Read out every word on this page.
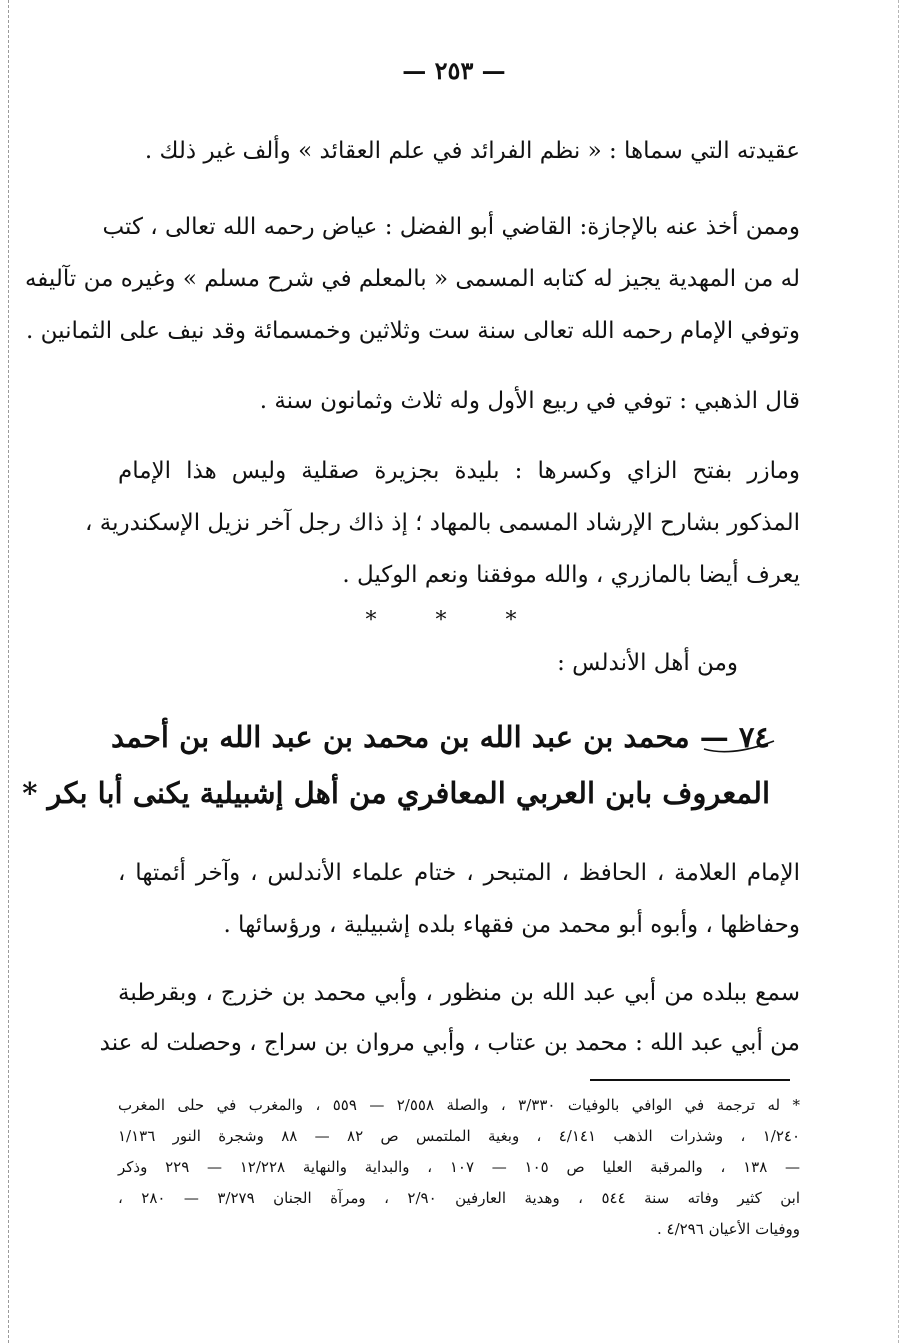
— ٢٥٣ —
عقيدته التي سماها : « نظم الفرائد في علم العقائد » وألف غير ذلك .
وممن أخذ عنه بالإجازة: القاضي أبو الفضل : عياض رحمه الله تعالى ، كتب
له من المهدية يجيز له كتابه المسمى « بالمعلم في شرح مسلم » وغيره من تآليفه
وتوفي الإمام رحمه الله تعالى سنة ست وثلاثين وخمسمائة وقد نيف على الثمانين .
قال الذهبي : توفي في ربيع الأول وله ثلاث وثمانون سنة .
ومازر بفتح الزاي وكسرها : بليدة بجزيرة صقلية وليس هذا الإمام
المذكور بشارح الإرشاد المسمى بالمهاد ؛ إذ ذاك رجل آخر نزيل الإسكندرية ،
يعرف أيضا بالمازري ، والله موفقنا ونعم الوكيل .
* * *
ومن أهل الأندلس :
٧٤ — محمد بن عبد الله بن محمد بن عبد الله بن أحمد
المعروف بابن العربي المعافري من أهل إشبيلية يكنى أبا بكر *
الإمام العلامة ، الحافظ ، المتبحر ، ختام علماء الأندلس ، وآخر أئمتها ،
وحفاظها ، وأبوه أبو محمد من فقهاء بلده إشبيلية ، ورؤسائها .
سمع ببلده من أبي عبد الله بن منظور ، وأبي محمد بن خزرج ، وبقرطبة
من أبي عبد الله : محمد بن عتاب ، وأبي مروان بن سراج ، وحصلت له عند
* له ترجمة في الوافي بالوفيات ٣/٣٣٠ ، والصلة ٢/٥٥٨ — ٥٥٩ ، والمغرب في حلى المغرب
١/٢٤٠ ، وشذرات الذهب ٤/١٤١ ، وبغية الملتمس ص ٨٢ — ٨٨ وشجرة النور ١/١٣٦
— ١٣٨ ، والمرقبة العليا ص ١٠٥ — ١٠٧ ، والبداية والنهاية ١٢/٢٢٨ — ٢٢٩ وذكر
ابن كثير وفاته سنة ٥٤٤ ، وهدية العارفين ٢/٩٠ ، ومرآة الجنان ٣/٢٧٩ — ٢٨٠ ،
ووفيات الأعيان ٤/٢٩٦ .
